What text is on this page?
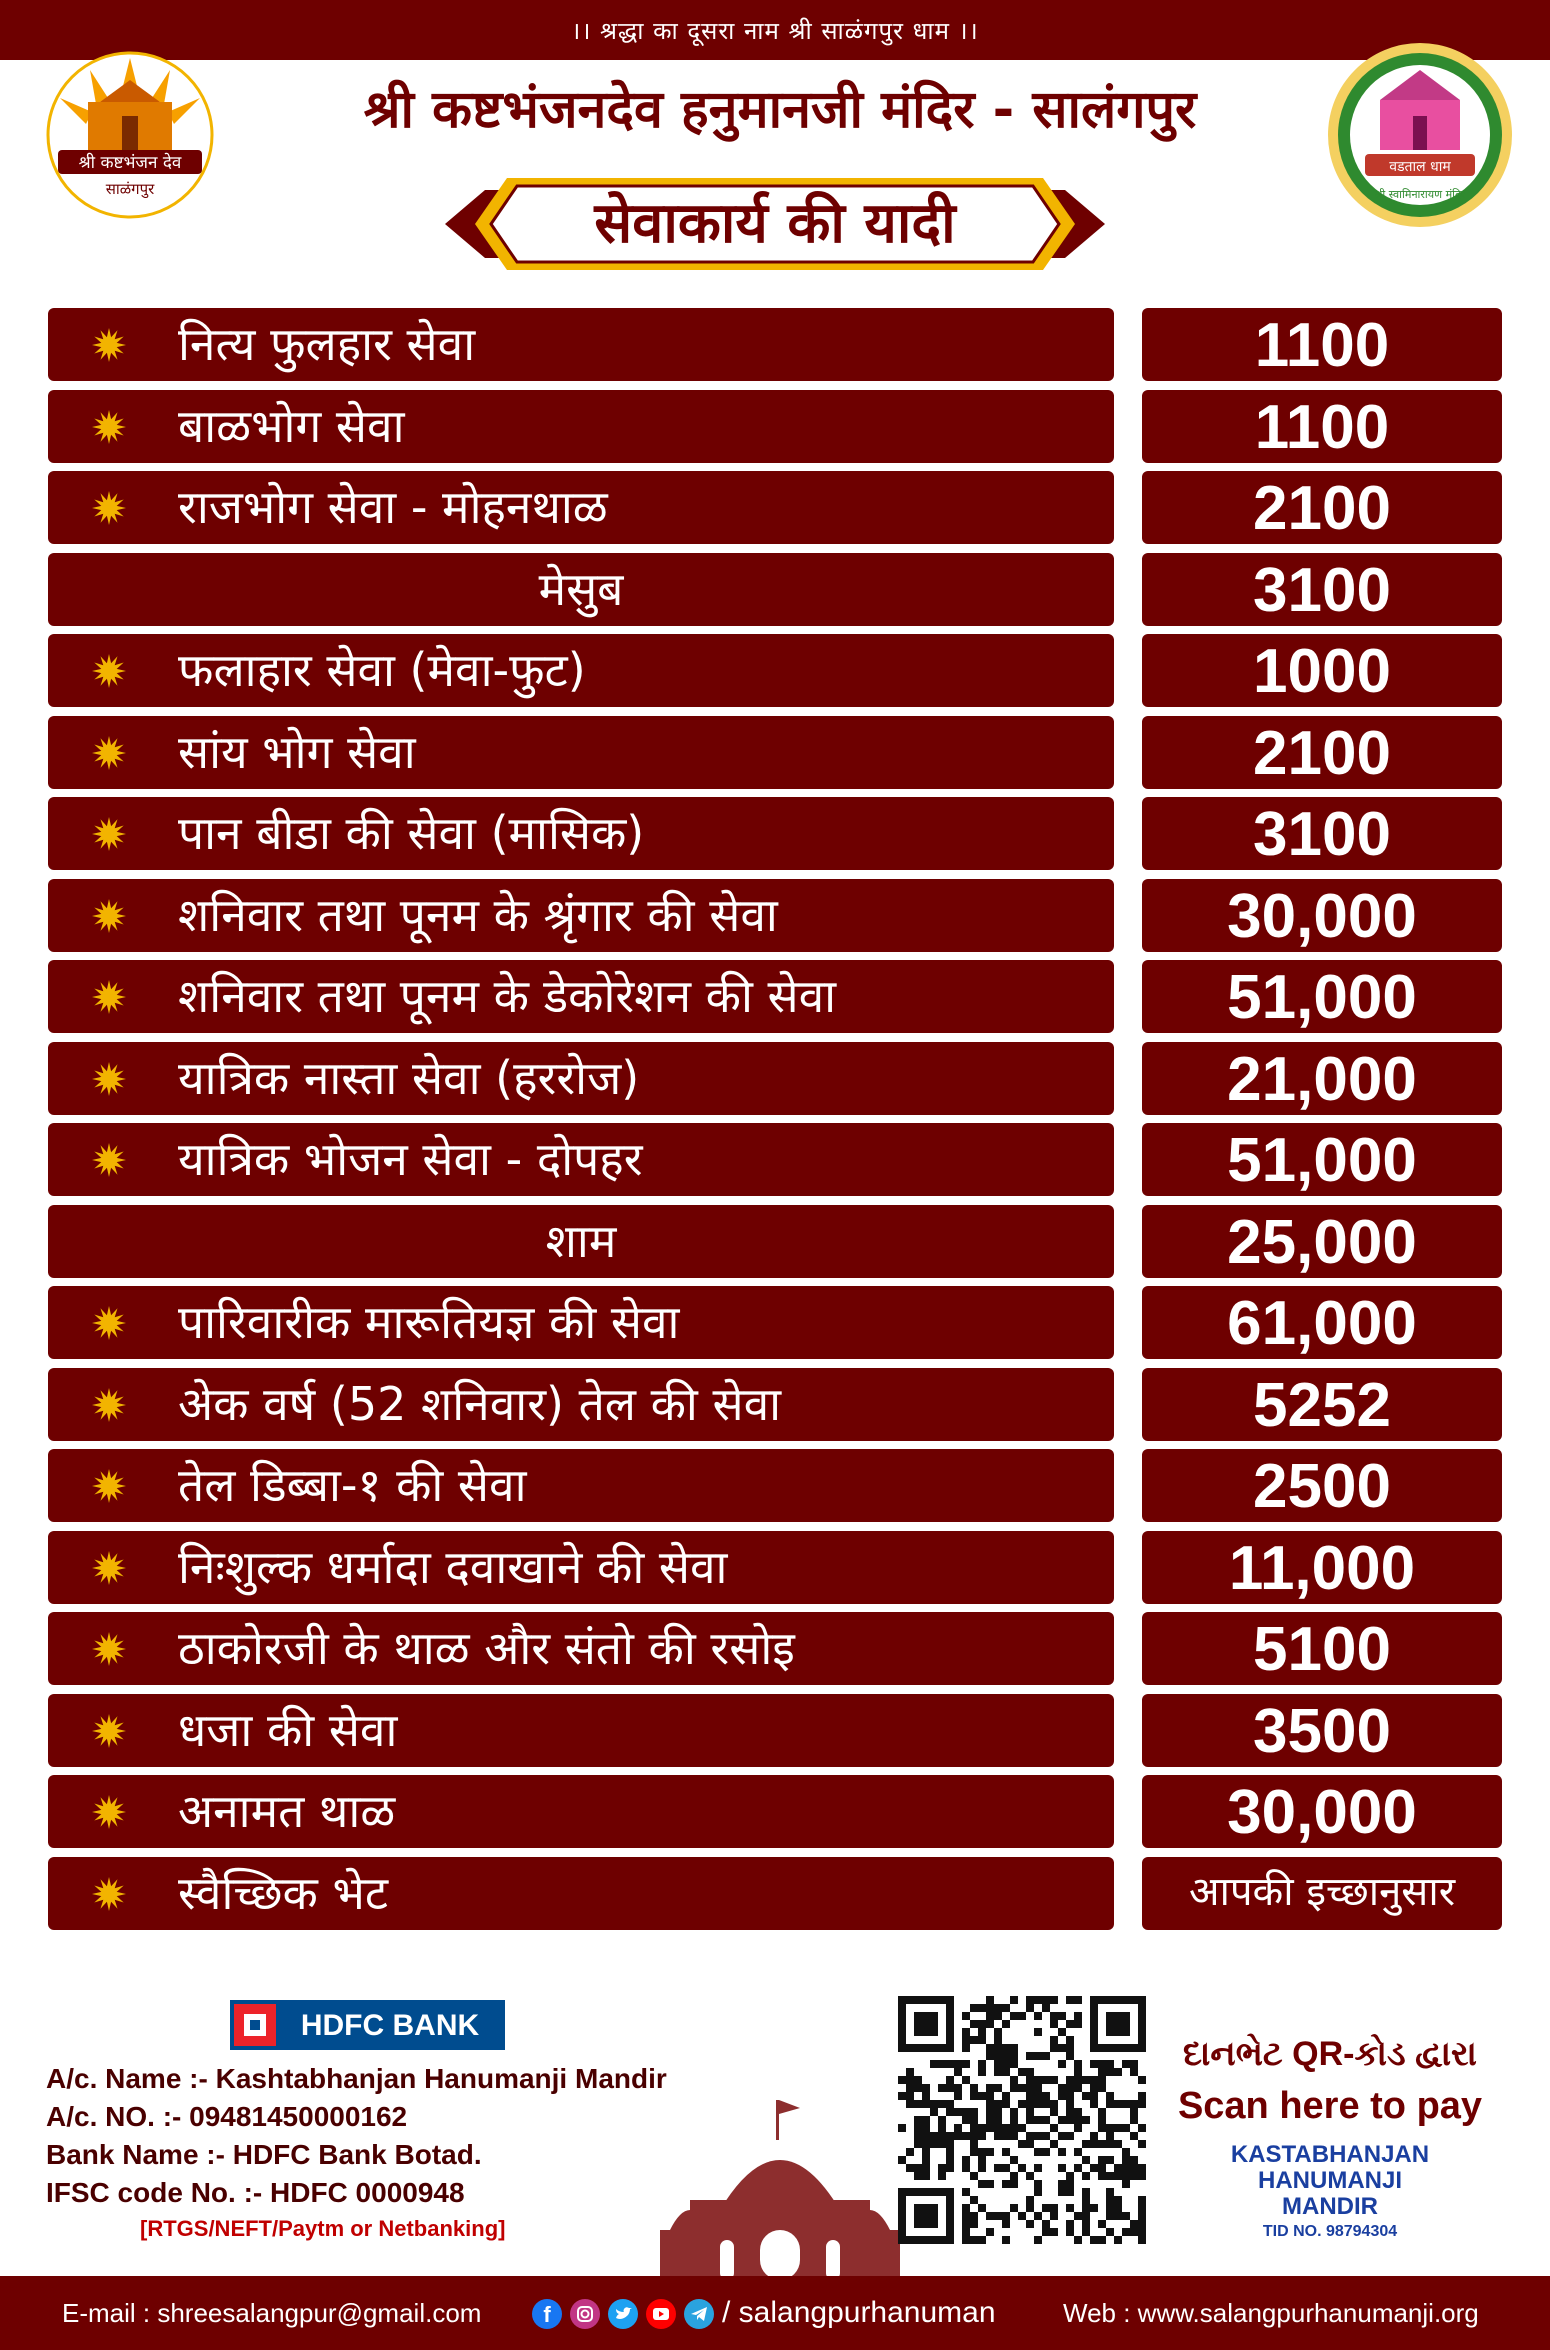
।। श्रद्धा का दूसरा नाम श्री साळंगपुर धाम ।।
श्री कष्टभंजन देव
साळंगपुर
श्री कष्टभंजनदेव हनुमानजी मंदिर - सालंगपुर
वडताल धाम
श्री स्वामिनारायण मंदिर
सेवाकार्य की यादी
नित्य फुलहार सेवा	1100
बाळभोग सेवा	1100
राजभोग सेवा - मोहनथाळ	2100
मेसुब	3100
फलाहार सेवा (मेवा-फुट)	1000
सांय भोग सेवा	2100
पान बीडा की सेवा (मासिक)	3100
शनिवार तथा पूनम के श्रृंगार की सेवा	30,000
शनिवार तथा पूनम के डेकोरेशन की सेवा	51,000
यात्रिक नास्ता सेवा (हररोज)	21,000
यात्रिक भोजन सेवा - दोपहर	51,000
शाम	25,000
पारिवारीक मारूतियज्ञ की सेवा	61,000
अेक वर्ष (52 शनिवार) तेल की सेवा	5252
तेल डिब्बा-१ की सेवा	2500
निःशुल्क धर्मादा दवाखाने की सेवा	11,000
ठाकोरजी के थाळ और संतो की रसोइ	5100
धजा की सेवा	3500
अनामत थाळ	30,000
स्वैच्छिक भेट	आपकी इच्छानुसार
HDFC BANK
A/c. Name :- Kashtabhanjan Hanumanji Mandir
A/c. NO. :- 09481450000162
Bank Name :- HDFC Bank Botad.
IFSC code No. :- HDFC 0000948
[RTGS/NEFT/Paytm or Netbanking]
દાનભેટ QR-કોડ દ્વારા
Scan here to pay
KASTABHANJAN HANUMANJI
MANDIR
TID NO. 98794304
E-mail : shreesalangpur@gmail.com	f	/ salangpurhanuman	Web : www.salangpurhanumanji.org
